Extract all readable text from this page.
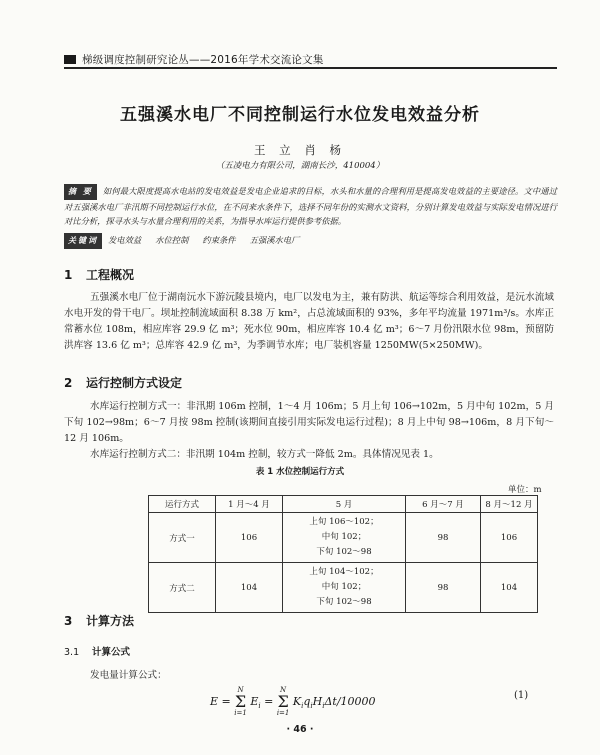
梯级调度控制研究论丛——2016年学术交流论文集
五强溪水电厂不同控制运行水位发电效益分析
王 立 肖 杨
（五凌电力有限公司，湖南长沙，410004）
摘 要 如何最大限度提高水电站的发电效益是发电企业追求的目标，水头和水量的合理利用是提高发电效益的主要途径。文中通过对五强溪水电厂非汛期不同控制运行水位，在不同来水条件下，选择不同年份的实测水文资料，分别计算发电效益与实际发电情况进行对比分析，探寻水头与水量合理利用的关系，为指导水库运行提供参考依据。
关键词 发电效益 水位控制 约束条件 五强溪水电厂
1 工程概况

五强溪水电厂位于湖南沅水下游沅陵县境内，电厂以发电为主，兼有防洪、航运等综合利用效益，是沅水流域水电开发的骨干电厂。坝址控制流域面积 8.38 万 km²，占总流域面积的 93%，多年平均流量 1971m³/s。水库正常蓄水位 108m，相应库容 29.9 亿 m³；死水位 90m，相应库容 10.4 亿 m³；6～7 月份汛限水位 98m，预留防洪库容 13.6 亿 m³；总库容 42.9 亿 m³，为季调节水库；电厂装机容量 1250MW(5×250MW)。

2 运行控制方式设定

水库运行控制方式一：非汛期 106m 控制，1～4 月 106m；5 月上旬 106→102m，5 月中旬 102m，5 月下旬 102→98m；6～7 月按 98m 控制(该期间直接引用实际发电运行过程)；8 月上中旬 98→106m，8 月下旬～12 月 106m。

水库运行控制方式二：非汛期 104m 控制，较方式一降低 2m。具体情况见表 1。

表 1 水位控制运行方式
单位：m
运行方式	1 月～4 月	5 月	6 月～7 月	8 月～12 月
方式一	106	上旬 106～102；
中旬 102；
下旬 102～98	98	106
方式二	104	上旬 104～102；
中旬 102；
下旬 102～98	98	104
3 计算方法
3.1 计算公式
发电量计算公式：
E =
N
Σ
i=1
$E_i$ =
N
Σ
i=1
$K_iq_iH_i\Delta t/10000$	(1)
· 46 ·
